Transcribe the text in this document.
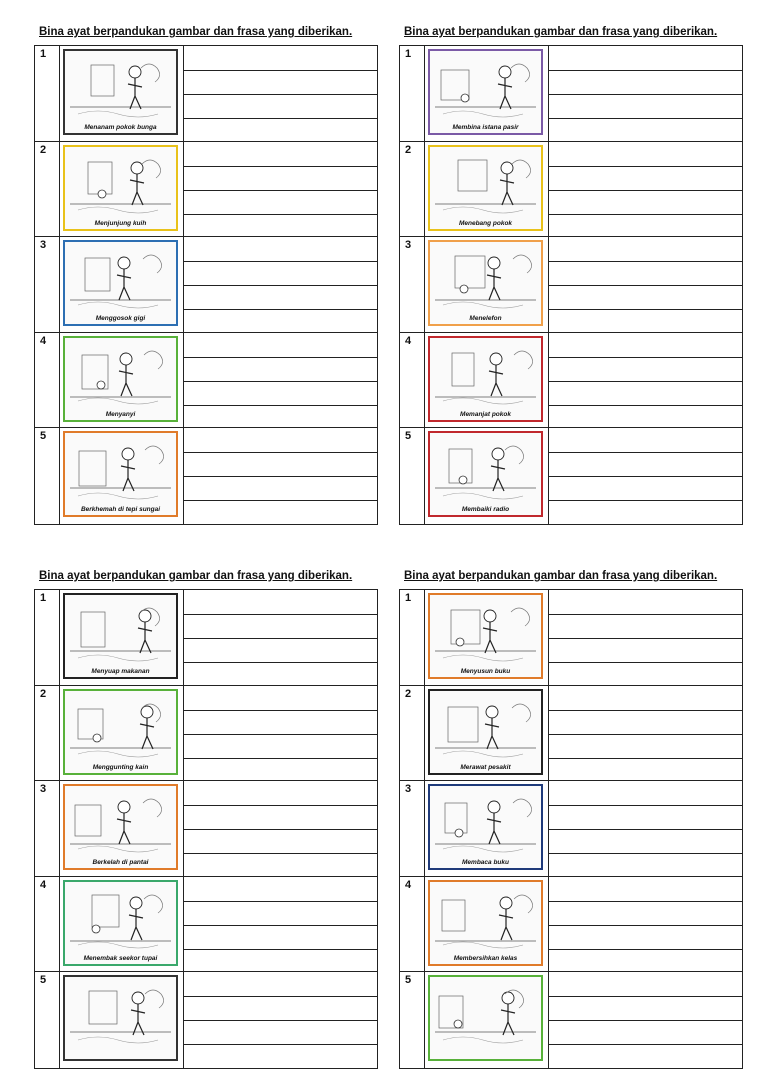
Bina ayat berpandukan gambar dan frasa yang diberikan.
1
Menanam pokok bunga
2
Menjunjung kuih
3
Menggosok gigi
4
Menyanyi
5
Berkhemah di tepi sungai
Bina ayat berpandukan gambar dan frasa yang diberikan.
1
Membina istana pasir
2
Menebang pokok
3
Menelefon
4
Memanjat pokok
5
Membaiki radio
Bina ayat berpandukan gambar dan frasa yang diberikan.
1
Menyuap makanan
2
Menggunting kain
3
Berkelah di pantai
4
Menembak seekor tupai
5
Bina ayat berpandukan gambar dan frasa yang diberikan.
1
Menyusun buku
2
Merawat pesakit
3
Membaca buku
4
Membersihkan kelas
5
